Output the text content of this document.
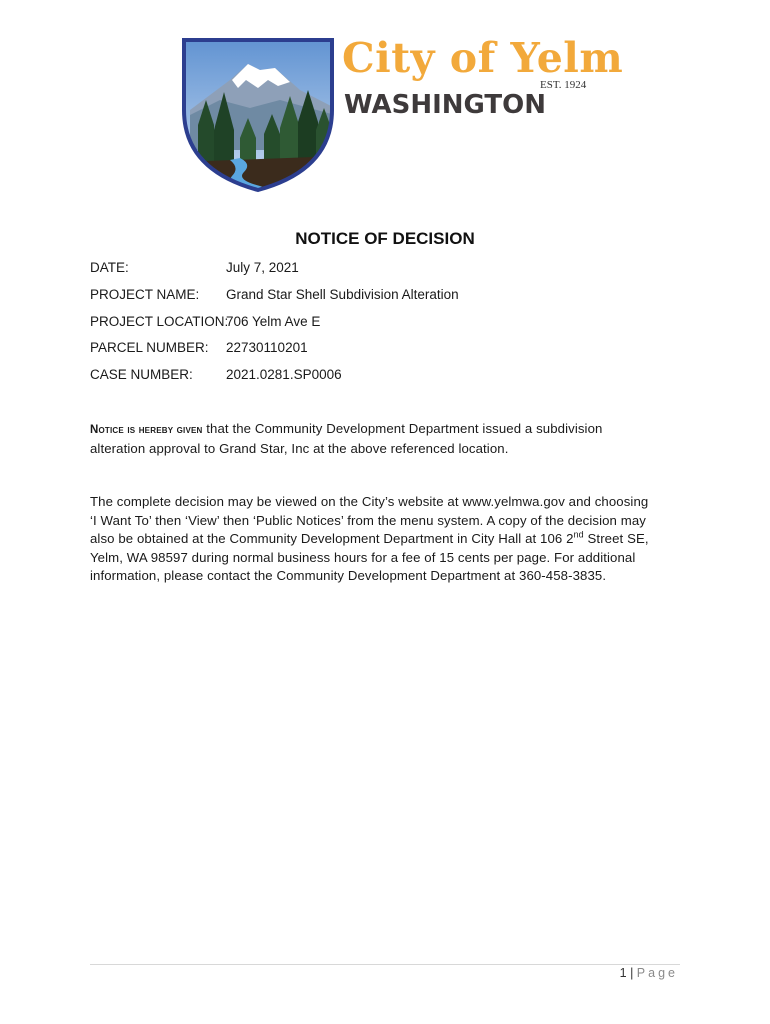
City of Yelm
EST. 1924
WASHINGTON
NOTICE OF DECISION
DATE:	July 7, 2021
PROJECT NAME: Grand Star Shell Subdivision Alteration
PROJECT LOCATION:
706 Yelm Ave E
PARCEL NUMBER: 22730110201
CASE NUMBER: 2021.0281.SP0006
Notice is hereby given that the Community Development Department issued a subdivision
alteration approval to Grand Star, Inc at the above referenced location.
The complete decision may be viewed on the City’s website at www.yelmwa.gov and choosing
‘I Want To’ then ‘View’ then ‘Public Notices’ from the menu system. A copy of the decision may
also be obtained at the Community Development Department in City Hall at 106 2nd Street SE,
Yelm, WA 98597 during normal business hours for a fee of 15 cents per page. For additional
information, please contact the Community Development Department at 360-458-3835.
1 | Page
